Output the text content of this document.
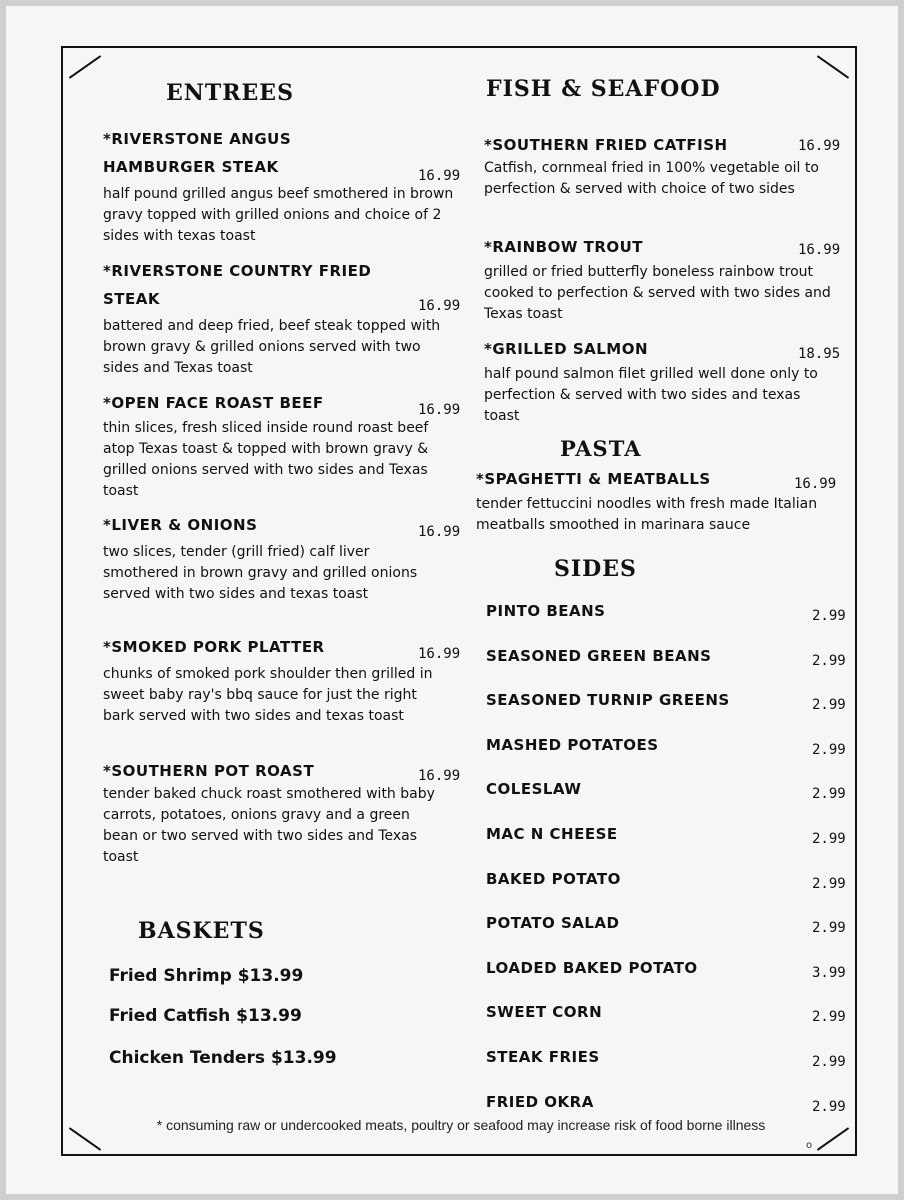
ENTREES
*RIVERSTONE ANGUS
HAMBURGER STEAK	16.99
half pound grilled angus beef smothered in brown gravy topped with grilled onions and choice of 2 sides with texas toast
*RIVERSTONE COUNTRY FRIED
STEAK	16.99
battered and deep fried, beef steak topped with brown gravy & grilled onions served with two sides and Texas toast
*OPEN FACE ROAST BEEF	16.99
thin slices, fresh sliced inside round roast beef atop Texas toast & topped with brown gravy & grilled onions served with two sides and Texas toast
*LIVER & ONIONS	16.99
two slices, tender (grill fried) calf liver smothered in brown gravy and grilled onions served with two sides and texas toast
*SMOKED PORK PLATTER	16.99
chunks of smoked pork shoulder then grilled in sweet baby ray's bbq sauce for just the right bark served with two sides and texas toast
*SOUTHERN POT ROAST	16.99
tender baked chuck roast smothered with baby carrots, potatoes, onions gravy and a green bean or two served with two sides and Texas toast
BASKETS
Fried Shrimp $13.99
Fried Catfish $13.99
Chicken Tenders $13.99
FISH & SEAFOOD
*SOUTHERN FRIED CATFISH	16.99
Catfish, cornmeal fried in 100% vegetable oil to perfection & served with choice of two sides
*RAINBOW TROUT	16.99
grilled or fried butterfly boneless rainbow trout cooked to perfection & served with two sides and Texas toast
*GRILLED SALMON	18.95
half pound salmon filet grilled well done only to perfection & served with two sides and texas toast
PASTA
*SPAGHETTI & MEATBALLS	16.99
tender fettuccini noodles with fresh made Italian meatballs smoothed in marinara sauce
SIDES
PINTO BEANS	2.99
SEASONED GREEN BEANS	2.99
SEASONED TURNIP GREENS	2.99
MASHED POTATOES	2.99
COLESLAW	2.99
MAC N CHEESE	2.99
BAKED POTATO	2.99
POTATO SALAD	2.99
LOADED BAKED POTATO	3.99
SWEET CORN	2.99
STEAK FRIES	2.99
FRIED OKRA	2.99
* consuming raw or undercooked meats, poultry or seafood may increase risk of food borne illness
o
